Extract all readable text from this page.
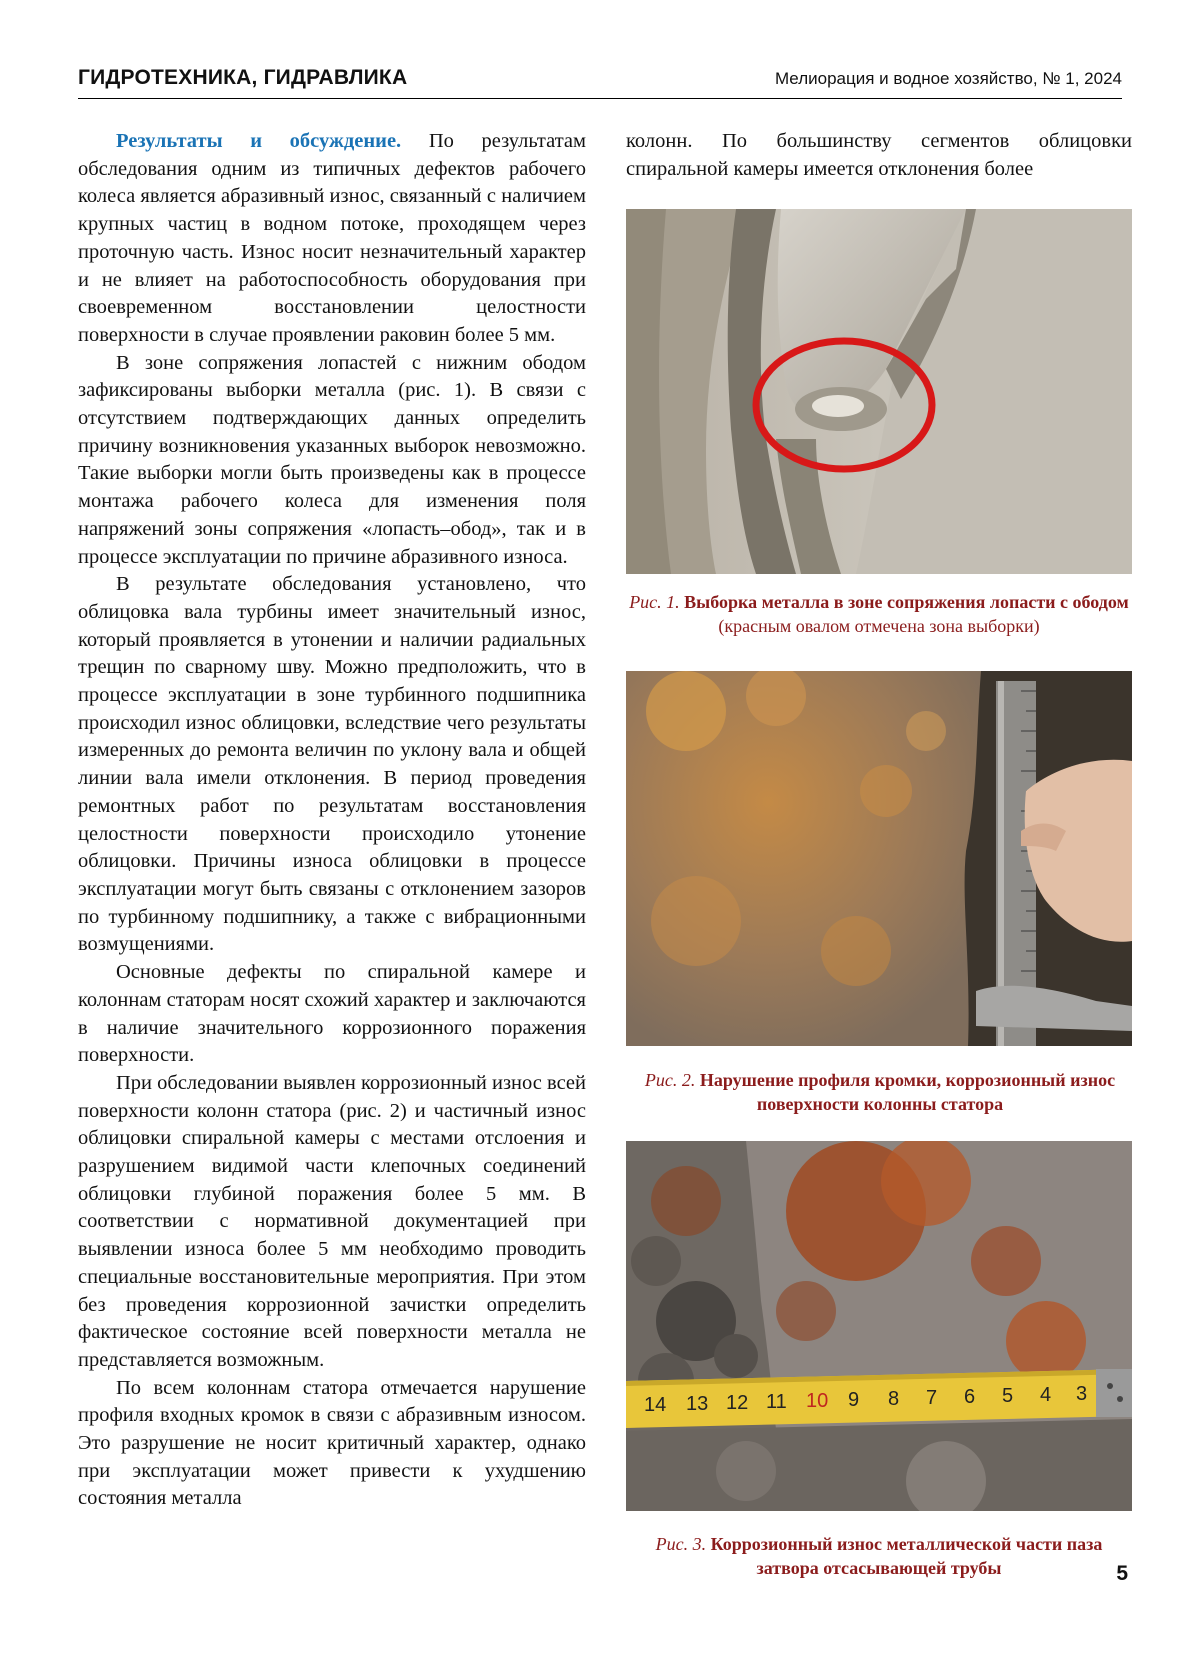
ГИДРОТЕХНИКА, ГИДРАВЛИКА	Мелиорация и водное хозяйство, № 1, 2024

Результаты и обсуждение. По результатам обследования одним из типичных дефектов рабочего колеса является абразивный износ, связанный с наличием крупных частиц в водном потоке, проходящем через проточную часть. Износ носит незначительный характер и не влияет на работоспособность оборудования при своевременном восстановлении целостности поверхности в случае проявлении раковин более 5 мм.

В зоне сопряжения лопастей с нижним ободом зафиксированы выборки металла (рис. 1). В связи с отсутствием подтверждающих данных определить причину возникновения указанных выборок невозможно. Такие выборки могли быть произведены как в процессе монтажа рабочего колеса для изменения поля напряжений зоны сопряжения «лопасть–обод», так и в процессе эксплуатации по причине абразивного износа.

В результате обследования установлено, что облицовка вала турбины имеет значительный износ, который проявляется в утонении и наличии радиальных трещин по сварному шву. Можно предположить, что в процессе эксплуатации в зоне турбинного подшипника происходил износ облицовки, вследствие чего результаты измеренных до ремонта величин по уклону вала и общей линии вала имели отклонения. В период проведения ремонтных работ по результатам восстановления целостности поверхности происходило утонение облицовки. Причины износа облицовки в процессе эксплуатации могут быть связаны с отклонением зазоров по турбинному подшипнику, а также с вибрационными возмущениями.

Основные дефекты по спиральной камере и колоннам статорам носят схожий характер и заключаются в наличие значительного коррозионного поражения поверхности.

При обследовании выявлен коррозионный износ всей поверхности колонн статора (рис. 2) и частичный износ облицовки спиральной камеры с местами отслоения и разрушением видимой части клепочных соединений облицовки глубиной поражения более 5 мм. В соответствии с нормативной документацией при выявлении износа более 5 мм необходимо проводить специальные восстановительные мероприятия. При этом без проведения коррозионной зачистки определить фактическое состояние всей поверхности металла не представляется возможным.

По всем колоннам статора отмечается нарушение профиля входных кромок в связи с абразивным износом. Это разрушение не носит критичный характер, однако при эксплуатации может привести к ухудшению состояния металла

колонн. По большинству сегментов облицовки спиральной камеры имеется отклонения более

Рис. 1. Выборка металла в зоне сопряжения лопасти с ободом (красным овалом отмечена зона выборки)
Рис. 2. Нарушение профиля кромки, коррозионный износ поверхности колонны статора
14 13 12 11 10 9 8 7 6 5 4 3
Рис. 3. Коррозионный износ металлической части паза затвора отсасывающей трубы	5
